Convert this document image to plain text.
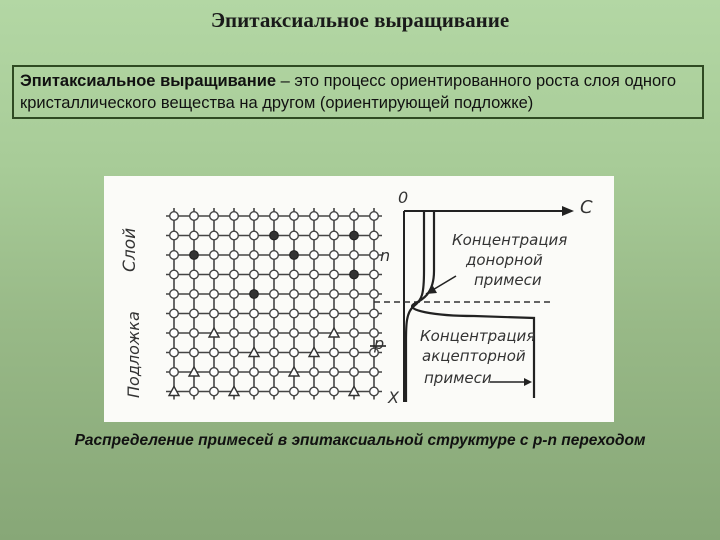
Эпитаксиальное выращивание
Эпитаксиальное выращивание – это процесс ориентированного роста слоя одного кристаллического вещества на другом (ориентирующей подложке)
Слой
Подложка
0	C
X
n
p
Концентрация
донорной
примеси
Концентрация
акцепторной
примеси
Распределение примесей в эпитаксиальной структуре с p-n переходом
